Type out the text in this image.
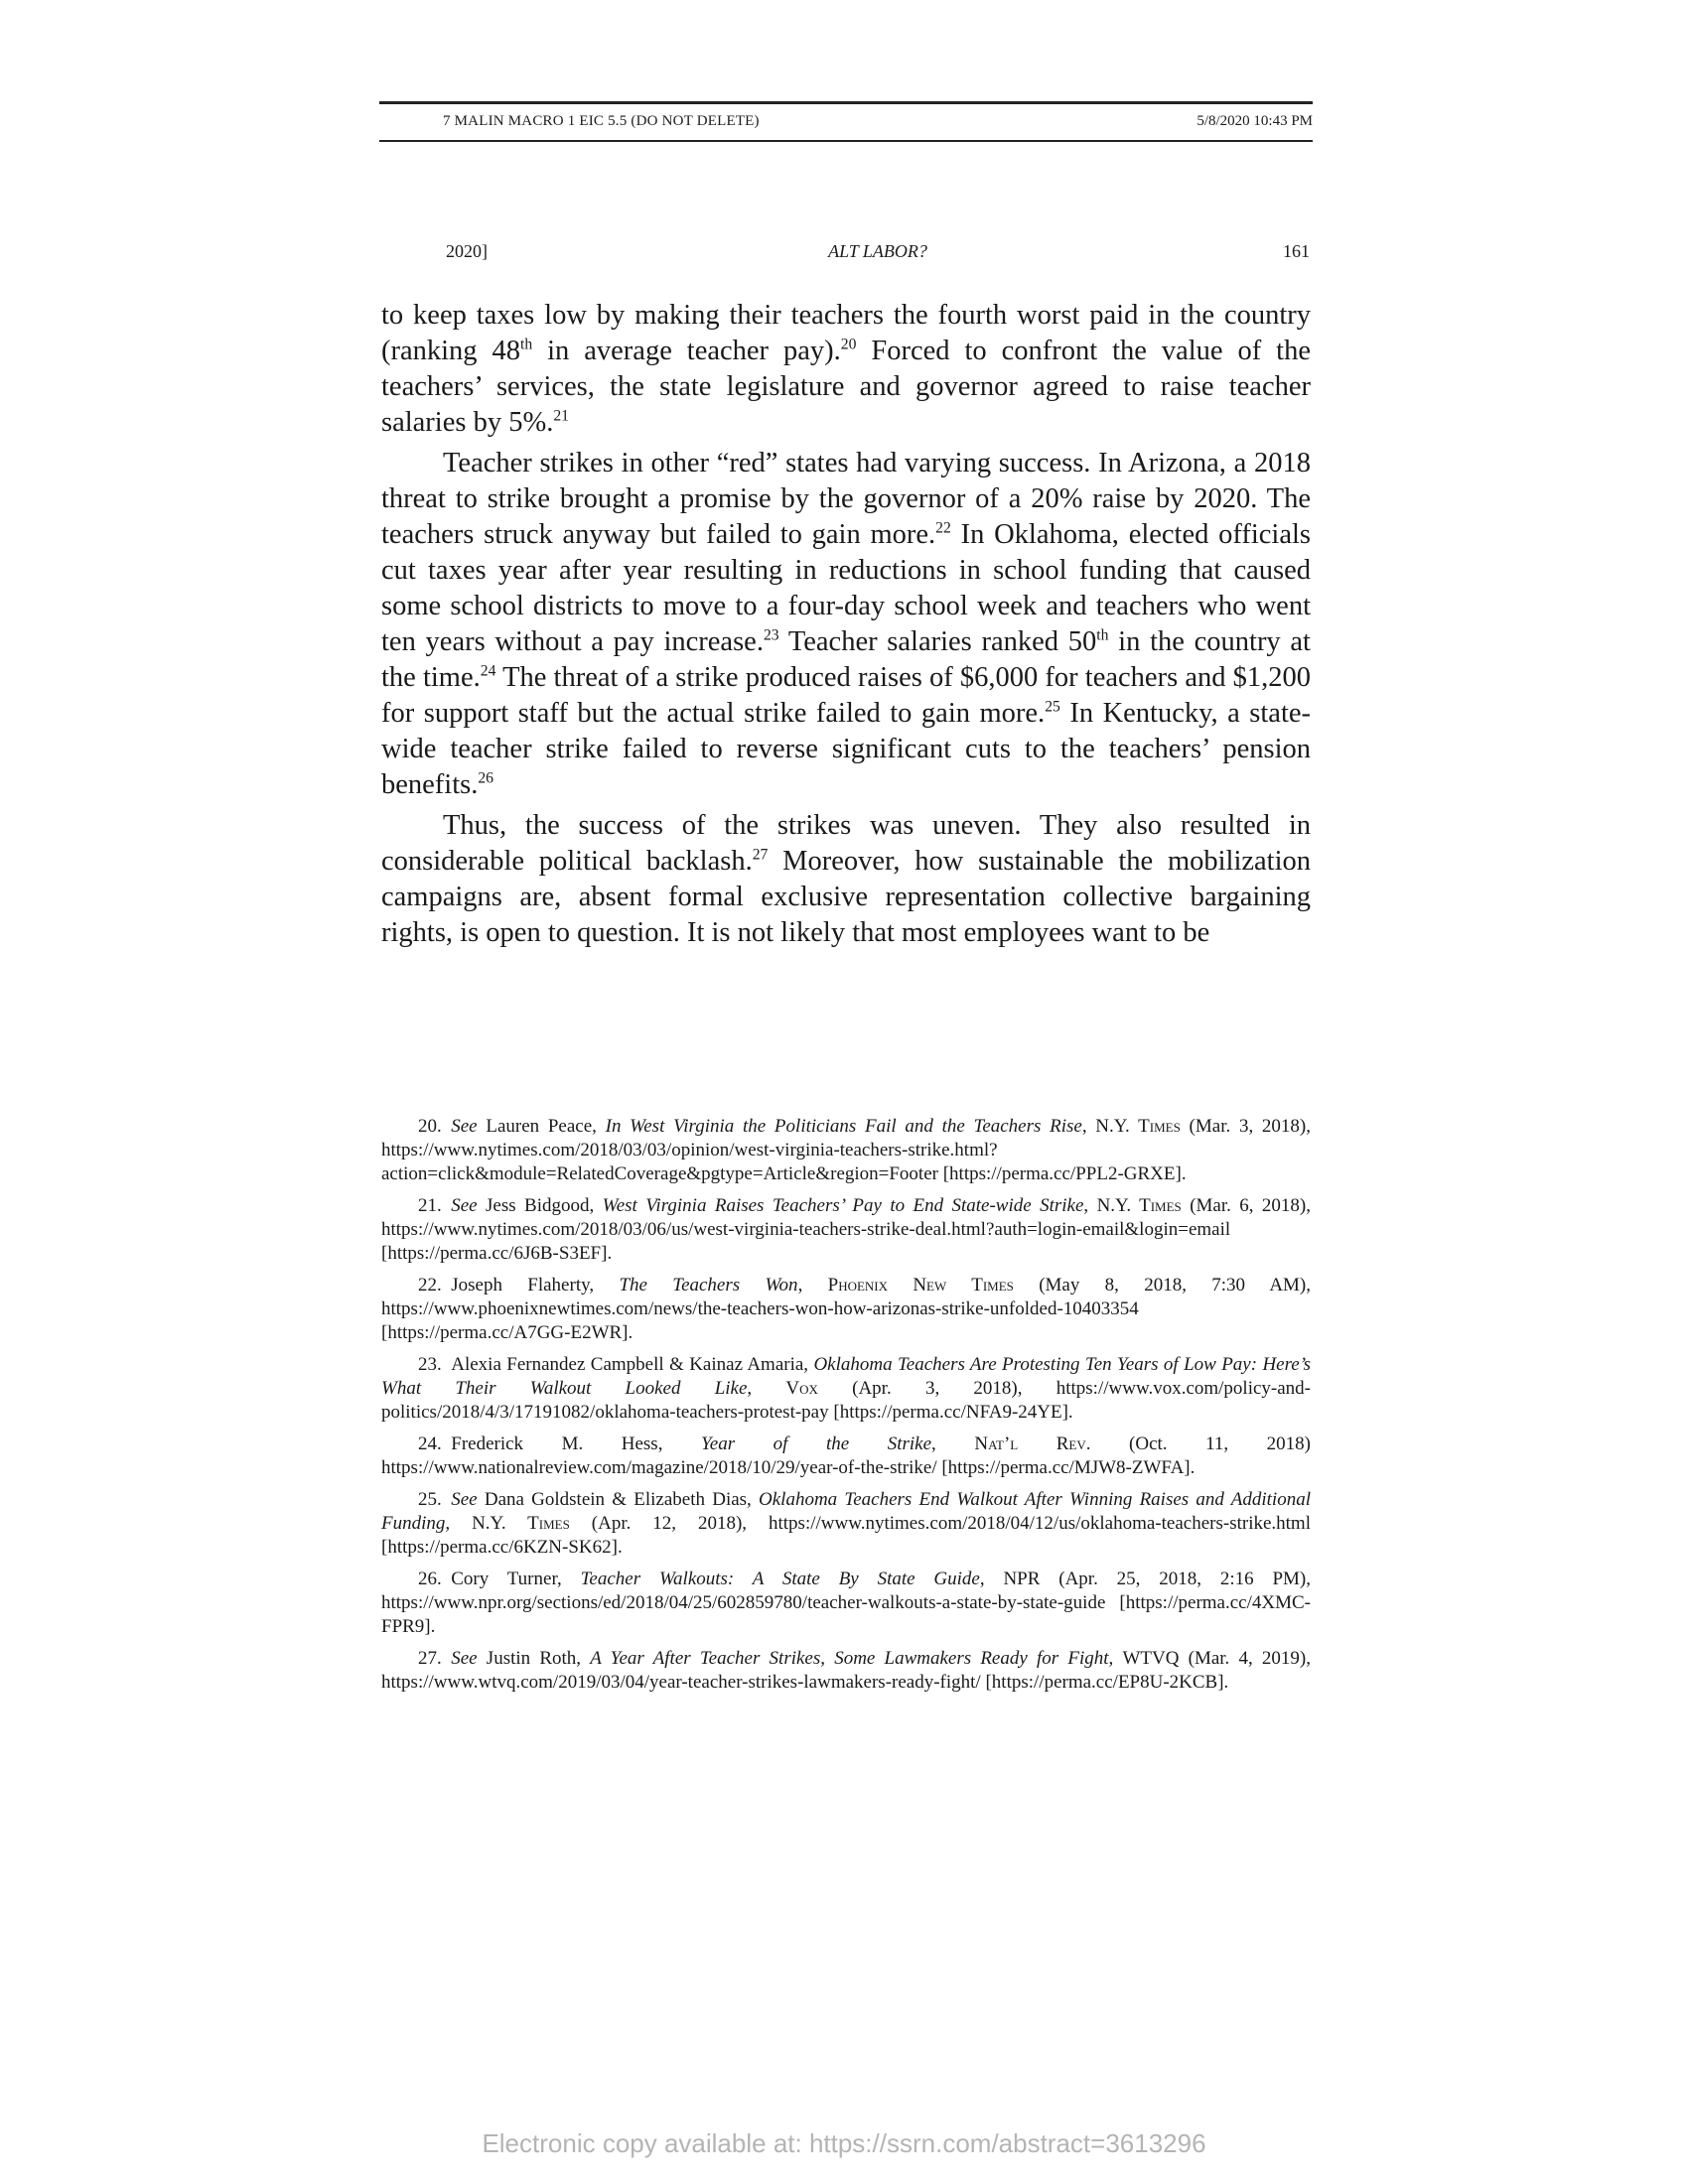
7 MALIN MACRO 1 EIC 5.5 (DO NOT DELETE)	5/8/2020 10:43 PM
2020]	ALT LABOR?	161

to keep taxes low by making their teachers the fourth worst paid in the country (ranking 48th in average teacher pay).$^{20}$ Forced to confront the value of the teachers’ services, the state legislature and governor agreed to raise teacher salaries by 5%.$^{21}$

Teacher strikes in other “red” states had varying success. In Arizona, a 2018 threat to strike brought a promise by the governor of a 20% raise by 2020. The teachers struck anyway but failed to gain more.$^{22}$ In Oklahoma, elected officials cut taxes year after year resulting in reductions in school funding that caused some school districts to move to a four-day school week and teachers who went ten years without a pay increase.$^{23}$ Teacher salaries ranked 50th in the country at the time.$^{24}$ The threat of a strike produced raises of $6,000 for teachers and $1,200 for support staff but the actual strike failed to gain more.$^{25}$ In Kentucky, a state-wide teacher strike failed to reverse significant cuts to the teachers’ pension benefits.$^{26}$

Thus, the success of the strikes was uneven. They also resulted in considerable political backlash.$^{27}$ Moreover, how sustainable the mobilization campaigns are, absent formal exclusive representation collective bargaining rights, is open to question. It is not likely that most employees want to be

20.  See Lauren Peace, In West Virginia the Politicians Fail and the Teachers Rise, N.Y. Times (Mar. 3, 2018), https://www.nytimes.com/2018/03/03/opinion/west-virginia-teachers-strike.html?action=click&module=RelatedCoverage&pgtype=Article&region=Footer [https://perma.cc/PPL2-GRXE].

21.  See Jess Bidgood, West Virginia Raises Teachers’ Pay to End State-wide Strike, N.Y. Times (Mar. 6, 2018), https://www.nytimes.com/2018/03/06/us/west-virginia-teachers-strike-deal.html?auth=login-email&login=email [https://perma.cc/6J6B-S3EF].

22.  Joseph Flaherty, The Teachers Won, Phoenix New Times (May 8, 2018, 7:30 AM), https://www.phoenixnewtimes.com/news/the-teachers-won-how-arizonas-strike-unfolded-10403354 [https://perma.cc/A7GG-E2WR].

23.  Alexia Fernandez Campbell & Kainaz Amaria, Oklahoma Teachers Are Protesting Ten Years of Low Pay: Here’s What Their Walkout Looked Like, Vox (Apr. 3, 2018), https://www.vox.com/policy-and-politics/2018/4/3/17191082/oklahoma-teachers-protest-pay [https://perma.cc/NFA9-24YE].

24.  Frederick M. Hess, Year of the Strike, Nat’l Rev. (Oct. 11, 2018) https://www.nationalreview.com/magazine/2018/10/29/year-of-the-strike/ [https://perma.cc/MJW8-ZWFA].

25.  See Dana Goldstein & Elizabeth Dias, Oklahoma Teachers End Walkout After Winning Raises and Additional Funding, N.Y. Times (Apr. 12, 2018), https://www.nytimes.com/2018/04/12/us/oklahoma-teachers-strike.html [https://perma.cc/6KZN-SK62].

26.  Cory Turner, Teacher Walkouts: A State By State Guide, NPR (Apr. 25, 2018, 2:16 PM), https://www.npr.org/sections/ed/2018/04/25/602859780/teacher-walkouts-a-state-by-state-guide [https://perma.cc/4XMC-FPR9].

27.  See Justin Roth, A Year After Teacher Strikes, Some Lawmakers Ready for Fight, WTVQ (Mar. 4, 2019), https://www.wtvq.com/2019/03/04/year-teacher-strikes-lawmakers-ready-fight/ [https://perma.cc/EP8U-2KCB].

Electronic copy available at: https://ssrn.com/abstract=3613296
